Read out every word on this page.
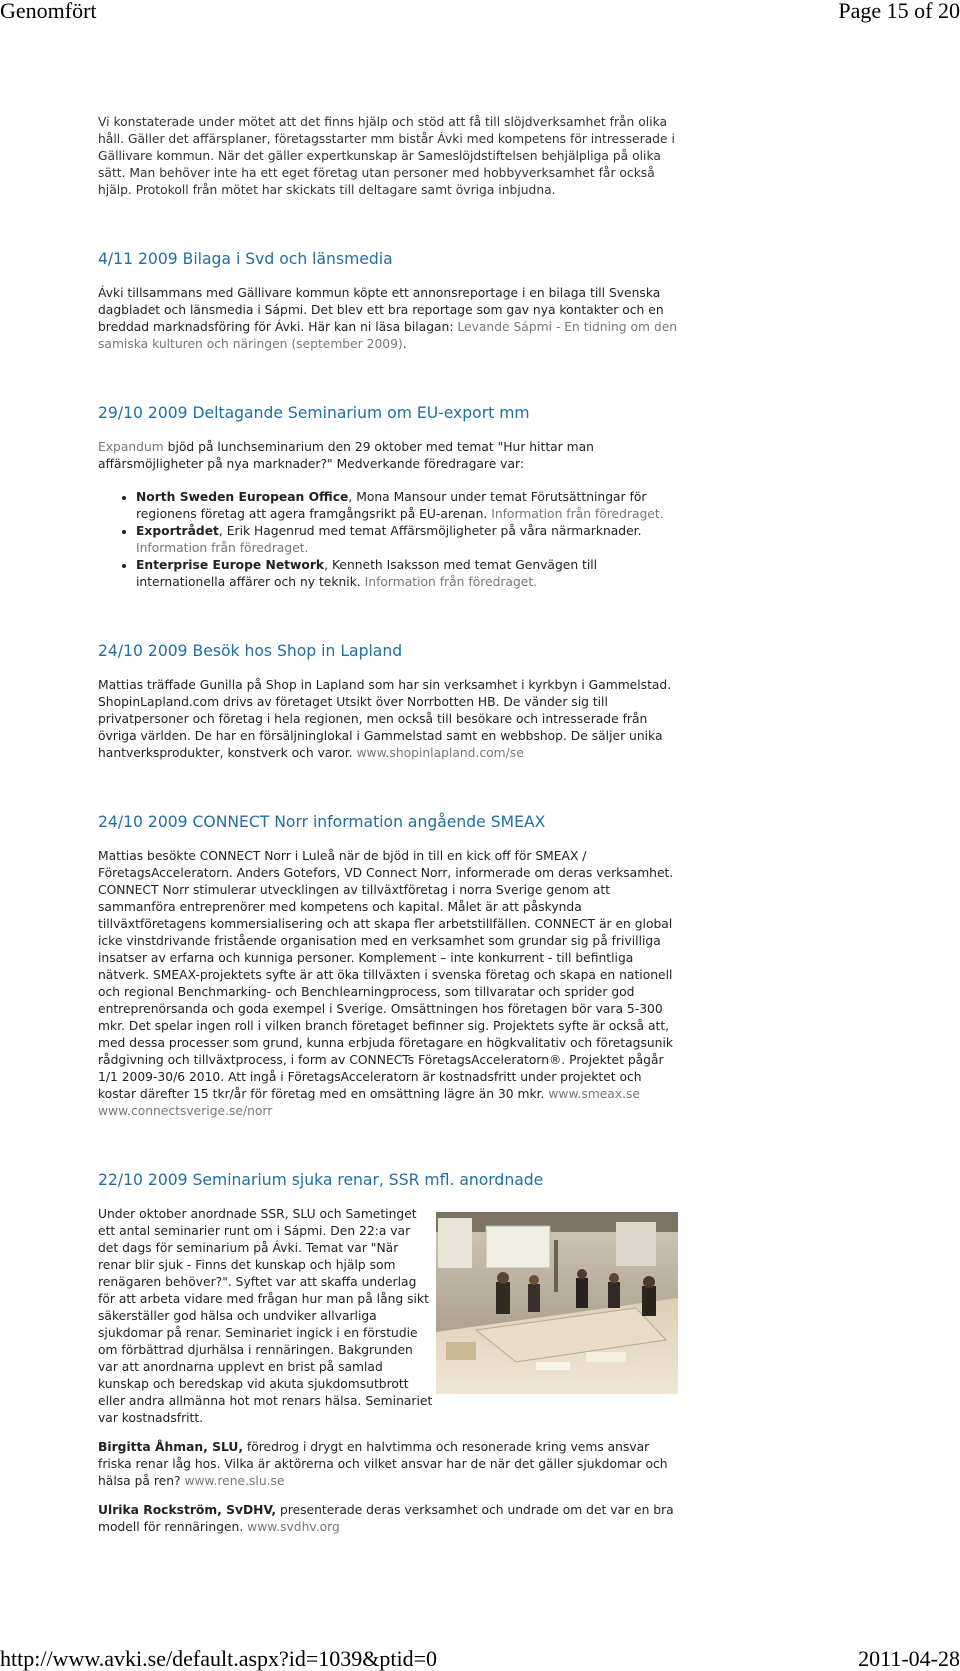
Genomfört	Page 15 of 20

Vi konstaterade under mötet att det finns hjälp och stöd att få till slöjdverksamhet från olika håll. Gäller det affärsplaner, företagsstarter mm bistår Ávki med kompetens för intresserade i Gällivare kommun. När det gäller expertkunskap är Sameslöjdstiftelsen behjälpliga på olika sätt. Man behöver inte ha ett eget företag utan personer med hobbyverksamhet får också hjälp. Protokoll från mötet har skickats till deltagare samt övriga inbjudna.

4/11 2009 Bilaga i Svd och länsmedia

Ávki tillsammans med Gällivare kommun köpte ett annonsreportage i en bilaga till Svenska dagbladet och länsmedia i Sápmi. Det blev ett bra reportage som gav nya kontakter och en breddad marknadsföring för Ávki. Här kan ni läsa bilagan: Levande Sápmi - En tidning om den samiska kulturen och näringen (september 2009).

29/10 2009 Deltagande Seminarium om EU-export mm

Expandum bjöd på lunchseminarium den 29 oktober med temat "Hur hittar man affärsmöjligheter på nya marknader?" Medverkande föredragare var:

• North Sweden European Office, Mona Mansour under temat Förutsättningar för regionens företag att agera framgångsrikt på EU-arenan. Information från föredraget.
• Exportrådet, Erik Hagenrud med temat Affärsmöjligheter på våra närmarknader. Information från föredraget.
• Enterprise Europe Network, Kenneth Isaksson med temat Genvägen till internationella affärer och ny teknik. Information från föredraget.
24/10 2009 Besök hos Shop in Lapland

Mattias träffade Gunilla på Shop in Lapland som har sin verksamhet i kyrkbyn i Gammelstad. ShopinLapland.com drivs av företaget Utsikt över Norrbotten HB. De vänder sig till privatpersoner och företag i hela regionen, men också till besökare och intresserade från övriga världen. De har en försäljninglokal i Gammelstad samt en webbshop. De säljer unika hantverksprodukter, konstverk och varor. www.shopinlapland.com/se

24/10 2009 CONNECT Norr information angående SMEAX

Mattias besökte CONNECT Norr i Luleå när de bjöd in till en kick off för SMEAX / FöretagsAcceleratorn. Anders Gotefors, VD Connect Norr, informerade om deras verksamhet. CONNECT Norr stimulerar utvecklingen av tillväxtföretag i norra Sverige genom att sammanföra entreprenörer med kompetens och kapital. Målet är att påskynda tillväxtföretagens kommersialisering och att skapa fler arbetstillfällen. CONNECT är en global icke vinstdrivande fristående organisation med en verksamhet som grundar sig på frivilliga insatser av erfarna och kunniga personer. Komplement – inte konkurrent - till befintliga nätverk. SMEAX-projektets syfte är att öka tillväxten i svenska företag och skapa en nationell och regional Benchmarking- och Benchlearningprocess, som tillvaratar och sprider god entreprenörsanda och goda exempel i Sverige. Omsättningen hos företagen bör vara 5-300 mkr. Det spelar ingen roll i vilken branch företaget befinner sig. Projektets syfte är också att, med dessa processer som grund, kunna erbjuda företagare en högkvalitativ och företagsunik rådgivning och tillväxtprocess, i form av CONNECTs FöretagsAcceleratorn®. Projektet pågår 1/1 2009-30/6 2010. Att ingå i FöretagsAcceleratorn är kostnadsfritt under projektet och kostar därefter 15 tkr/år för företag med en omsättning lägre än 30 mkr. www.smeax.se
www.connectsverige.se/norr

22/10 2009 Seminarium sjuka renar, SSR mfl. anordnade

Under oktober anordnade SSR, SLU och Sametinget ett antal seminarier runt om i Sápmi. Den 22:a var det dags för seminarium på Ávki. Temat var "När renar blir sjuk - Finns det kunskap och hjälp som renägaren behöver?". Syftet var att skaffa underlag för att arbeta vidare med frågan hur man på lång sikt säkerställer god hälsa och undviker allvarliga sjukdomar på renar. Seminariet ingick i en förstudie om förbättrad djurhälsa i rennäringen. Bakgrunden var att anordnarna upplevt en brist på samlad kunskap och beredskap vid akuta sjukdomsutbrott eller andra allmänna hot mot renars hälsa. Seminariet var kostnadsfritt.

Birgitta Åhman, SLU, föredrog i drygt en halvtimma och resonerade kring vems ansvar friska renar låg hos. Vilka är aktörerna och vilket ansvar har de när det gäller sjukdomar och hälsa på ren? www.rene.slu.se

Ulrika Rockström, SvDHV, presenterade deras verksamhet och undrade om det var en bra modell för rennäringen. www.svdhv.org

http://www.avki.se/default.aspx?id=1039&ptid=0	2011-04-28
